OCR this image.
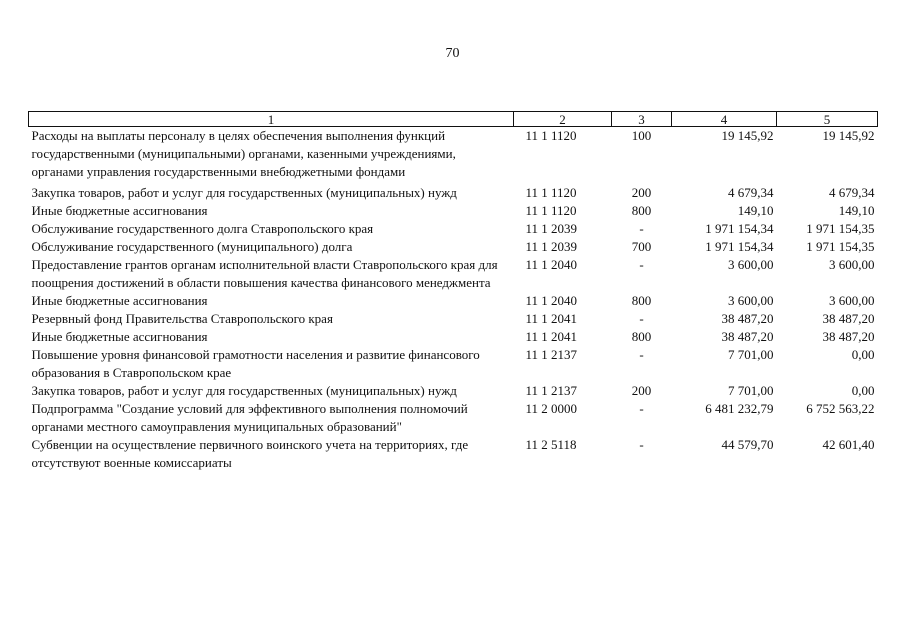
70
1	2	3	4	5
Расходы на выплаты персоналу в целях обеспечения выполнения функций государственными (муниципальными) органами, казенными учреждениями, органами управления государственными внебюджетными фондами	11 1 1120	100	19 145,92	19 145,92
Закупка товаров, работ и услуг для государственных (муниципальных) нужд	11 1 1120	200	4 679,34	4 679,34
Иные бюджетные ассигнования	11 1 1120	800	149,10	149,10
Обслуживание государственного долга Ставропольского края	11 1 2039	-	1 971 154,34	1 971 154,35
Обслуживание государственного (муниципального) долга	11 1 2039	700	1 971 154,34	1 971 154,35
Предоставление грантов органам исполнительной власти Ставропольского края для поощрения достижений в области повышения качества финансового менеджмента	11 1 2040	-	3 600,00	3 600,00
Иные бюджетные ассигнования	11 1 2040	800	3 600,00	3 600,00
Резервный фонд Правительства Ставропольского края	11 1 2041	-	38 487,20	38 487,20
Иные бюджетные ассигнования	11 1 2041	800	38 487,20	38 487,20
Повышение уровня финансовой грамотности населения и развитие финансового образования в Ставропольском крае	11 1 2137	-	7 701,00	0,00
Закупка товаров, работ и услуг для государственных (муниципальных) нужд	11 1 2137	200	7 701,00	0,00
Подпрограмма "Создание условий для эффективного выполнения полномочий органами местного самоуправления муниципальных образований"	11 2 0000	-	6 481 232,79	6 752 563,22
Субвенции на осуществление первичного воинского учета на территориях, где отсутствуют военные комиссариаты	11 2 5118	-	44 579,70	42 601,40
